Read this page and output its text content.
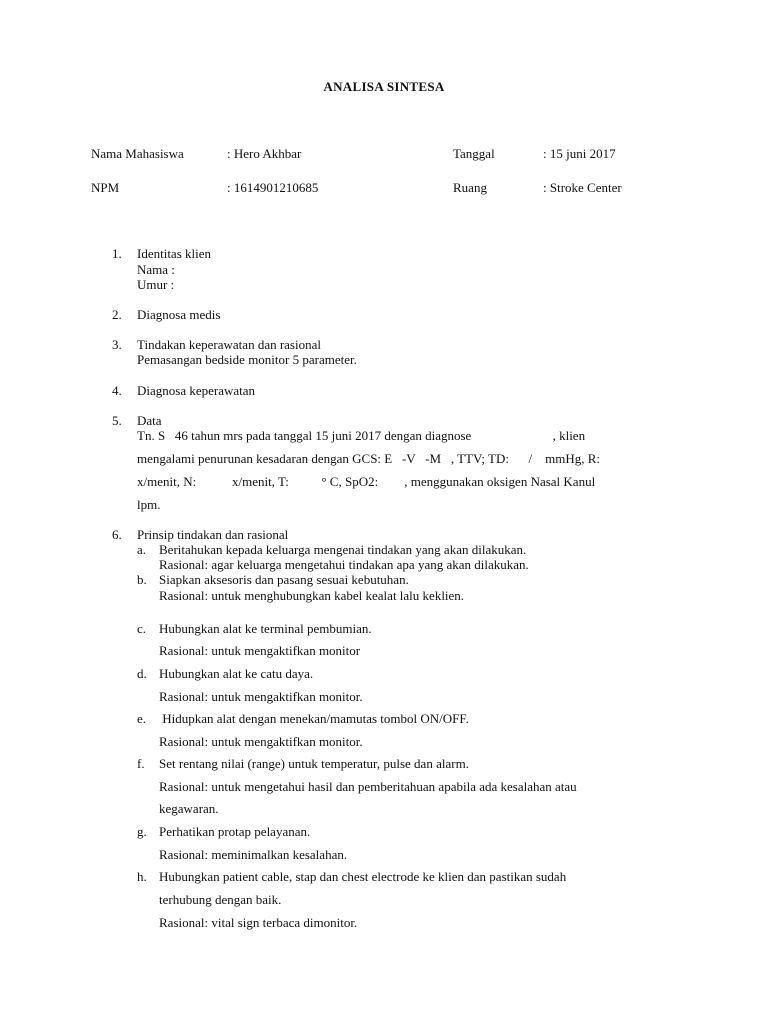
ANALISA SINTESA
Nama Mahasiswa	: Hero Akhbar	Tanggal	: 15 juni 2017
NPM	: 1614901210685	Ruang	: Stroke Center
1.	Identitas klien
Nama :
Umur :
2.	Diagnosa medis
3.	Tindakan keperawatan dan rasional
Pemasangan bedside monitor 5 parameter.
4.	Diagnosa keperawatan
5.	Data
Tn. S   46 tahun mrs pada tanggal 15 juni 2017 dengan diagnose                         , klien
mengalami penurunan kesadaran dengan GCS: E   -V   -M   , TTV; TD:      /    mmHg, R:
x/menit, N:           x/menit, T:          ° C, SpO2:        , menggunakan oksigen Nasal Kanul
lpm.
6.	Prinsip tindakan dan rasional
a. Beritahukan kepada keluarga mengenai tindakan yang akan dilakukan.
Rasional: agar keluarga mengetahui tindakan apa yang akan dilakukan.
b. Siapkan aksesoris dan pasang sesuai kebutuhan.
Rasional: untuk menghubungkan kabel kealat lalu keklien.
c. Hubungkan alat ke terminal pembumian.
Rasional: untuk mengaktifkan monitor
d. Hubungkan alat ke catu daya.
Rasional: untuk mengaktifkan monitor.
e. Hidupkan alat dengan menekan/mamutas tombol ON/OFF.
Rasional: untuk mengaktifkan monitor.
f.	Set rentang nilai (range) untuk temperatur, pulse dan alarm.
Rasional: untuk mengetahui hasil dan pemberitahuan apabila ada kesalahan atau
kegawaran.
g. Perhatikan protap pelayanan.
Rasional: meminimalkan kesalahan.
h. Hubungkan patient cable, stap dan chest electrode ke klien dan pastikan sudah
terhubung dengan baik.
Rasional: vital sign terbaca dimonitor.
